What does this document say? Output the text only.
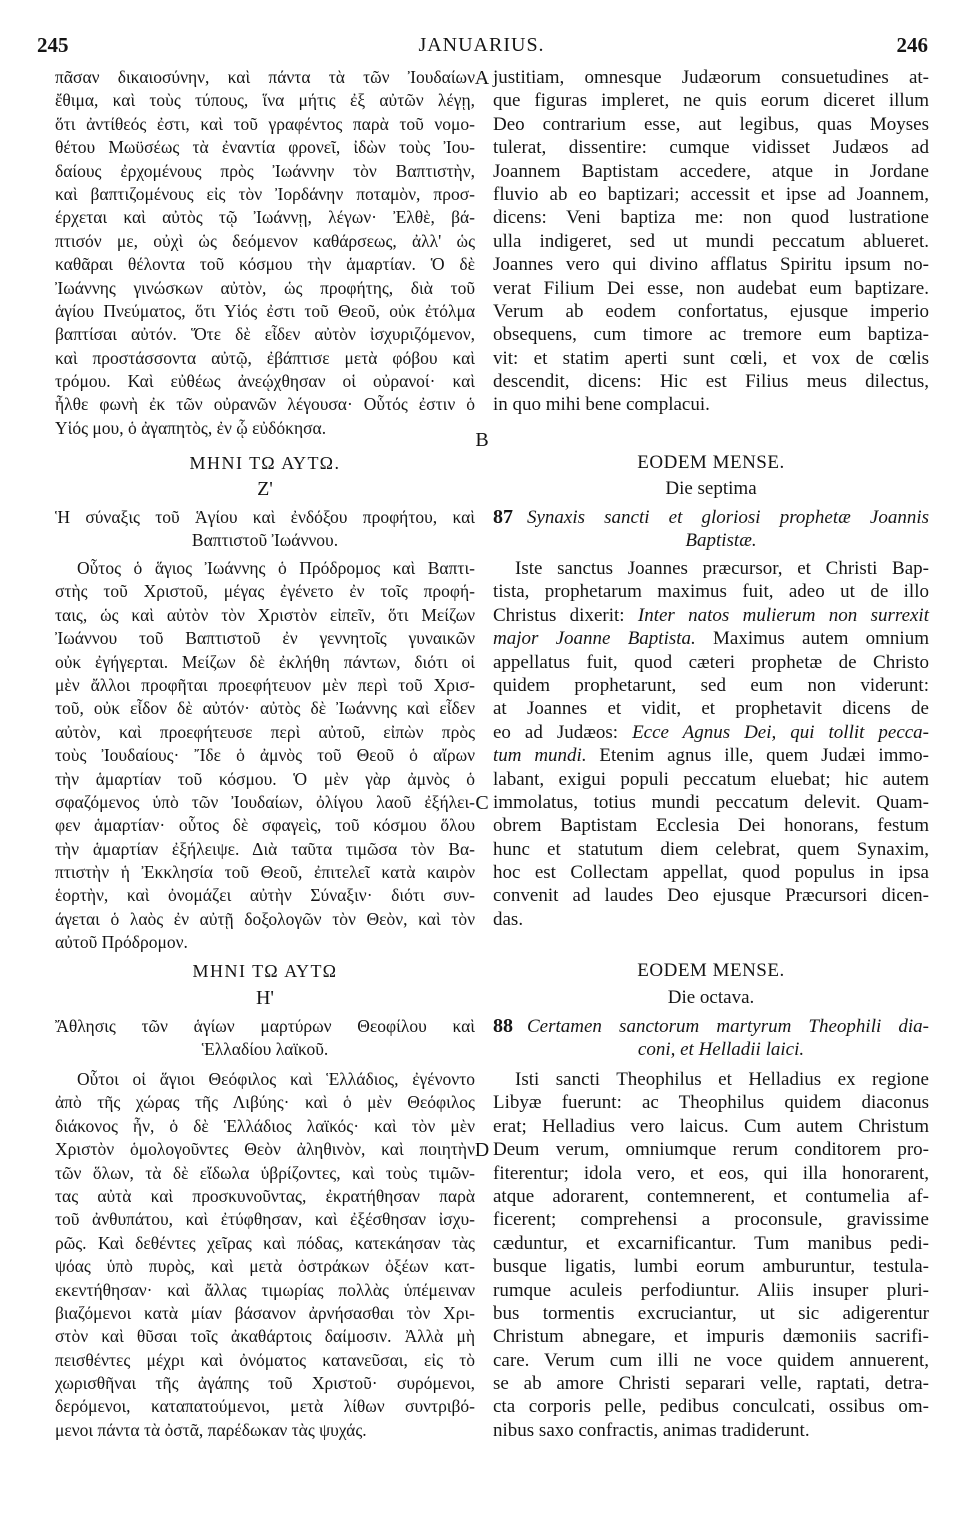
245	JANUARIUS.	246
A
B
C
D
πᾶσαν δικαιοσύνην, καὶ πάντα τὰ τῶν Ἰουδαίων
ἔθιμα, καὶ τοὺς τύπους, ἵνα μήτις ἐξ αὐτῶν λέγῃ,
ὅτι ἀντίθεός ἐστι, καὶ τοῦ γραφέντος παρὰ τοῦ νομο-
θέτου Μωϋσέως τὰ ἐναντία φρονεῖ, ἰδὼν τοὺς Ἰου-
δαίους ἐρχομένους πρὸς Ἰωάννην τὸν Βαπτιστὴν,
καὶ βαπτιζομένους εἰς τὸν Ἰορδάνην ποταμὸν, προσ-
έρχεται καὶ αὐτὸς τῷ Ἰωάννῃ, λέγων· Ἐλθὲ, βά-
πτισόν με, οὐχὶ ὡς δεόμενον καθάρσεως, ἀλλ' ὡς
καθᾶραι θέλοντα τοῦ κόσμου τὴν ἁμαρτίαν. Ὁ δὲ
Ἰωάννης γινώσκων αὐτὸν, ὡς προφήτης, διὰ τοῦ
ἁγίου Πνεύματος, ὅτι Υἱός ἐστι τοῦ Θεοῦ, οὐκ ἐτόλμα
βαπτίσαι αὐτόν. Ὅτε δὲ εἶδεν αὐτὸν ἰσχυριζόμενον,
καὶ προστάσσοντα αὐτῷ, ἐβάπτισε μετὰ φόβου καὶ
τρόμου. Καὶ εὐθέως ἀνεῴχθησαν οἱ οὐρανοί· καὶ
ἦλθε φωνὴ ἐκ τῶν οὐρανῶν λέγουσα· Οὗτός ἐστιν ὁ
Υἱός μου, ὁ ἀγαπητὸς, ἐν ᾧ εὐδόκησα.
justitiam, omnesque Judæorum consuetudines at-
que figuras impleret, ne quis eorum diceret illum
Deo contrarium esse, aut legibus, quas Moyses
tulerat, dissentire: cumque vidisset Judæos ad
Joannem Baptistam accedere, atque in Jordane
fluvio ab eo baptizari; accessit et ipse ad Joannem,
dicens: Veni baptiza me: non quod lustratione
ulla indigeret, sed ut mundi peccatum ablueret.
Joannes vero qui divino afflatus Spiritu ipsum no-
verat Filium Dei esse, non audebat eum baptizare.
Verum ab eodem confortatus, ejusque imperio
obsequens, cum timore ac tremore eum baptiza-
vit: et statim aperti sunt cœli, et vox de cœlis
descendit, dicens: Hic est Filius meus dilectus,
in quo mihi bene complacui.
ΜΗΝΙ ΤΩ ΑΥΤΩ.
Ζ'
Ἡ σύναξις τοῦ Ἁγίου καὶ ἐνδόξου προφήτου, καὶ
Βαπτιστοῦ Ἰωάννου.
Οὗτος ὁ ἅγιος Ἰωάννης ὁ Πρόδρομος καὶ Βαπτι-
στὴς τοῦ Χριστοῦ, μέγας ἐγένετο ἐν τοῖς προφή-
ταις, ὡς καὶ αὐτὸν τὸν Χριστὸν εἰπεῖν, ὅτι Μείζων
Ἰωάννου τοῦ Βαπτιστοῦ ἐν γεννητοῖς γυναικῶν
οὐκ ἐγήγερται. Μείζων δὲ ἐκλήθη πάντων, διότι οἱ
μὲν ἄλλοι προφῆται προεφήτευον μὲν περὶ τοῦ Χρισ-
τοῦ, οὐκ εἶδον δὲ αὐτόν· αὐτὸς δὲ Ἰωάννης καὶ εἶδεν
αὐτὸν, καὶ προεφήτευσε περὶ αὐτοῦ, εἰπὼν πρὸς
τοὺς Ἰουδαίους· Ἴδε ὁ ἀμνὸς τοῦ Θεοῦ ὁ αἴρων
τὴν ἁμαρτίαν τοῦ κόσμου. Ὁ μὲν γὰρ ἀμνὸς ὁ
σφαζόμενος ὑπὸ τῶν Ἰουδαίων, ὀλίγου λαοῦ ἐξήλει-
φεν ἁμαρτίαν· οὗτος δὲ σφαγεὶς, τοῦ κόσμου ὅλου
τὴν ἁμαρτίαν ἐξήλειψε. Διὰ ταῦτα τιμῶσα τὸν Βα-
πτιστὴν ἡ Ἐκκλησία τοῦ Θεοῦ, ἐπιτελεῖ κατὰ καιρὸν
ἑορτὴν, καὶ ὀνομάζει αὐτὴν Σύναξιν· διότι συν-
άγεται ὁ λαὸς ἐν αὐτῇ δοξολογῶν τὸν Θεὸν, καὶ τὸν
αὐτοῦ Πρόδρομον.
EODEM MENSE.
Die septima
87 Synaxis sancti et gloriosi prophetæ Joannis
Baptistæ.
Iste sanctus Joannes præcursor, et Christi Bap-
tista, prophetarum maximus fuit, adeo ut de illo
Christus dixerit: Inter natos mulierum non surrexit
major Joanne Baptista. Maximus autem omnium
appellatus fuit, quod cæteri prophetæ de Christo
quidem prophetarunt, sed eum non viderunt:
at Joannes et vidit, et prophetavit dicens de
eo ad Judæos: Ecce Agnus Dei, qui tollit pecca-
tum mundi. Etenim agnus ille, quem Judæi immo-
labant, exigui populi peccatum eluebat; hic autem
immolatus, totius mundi peccatum delevit. Quam-
obrem Baptistam Ecclesia Dei honorans, festum
hunc et statutum diem celebrat, quem Synaxim,
hoc est Collectam appellat, quod populus in ipsa
convenit ad laudes Deo ejusque Præcursori dicen-
das.
ΜΗΝΙ ΤΩ ΑΥΤΩ
Η'
Ἄθλησις τῶν ἁγίων μαρτύρων Θεοφίλου καὶ
Ἑλλαδίου λαϊκοῦ.
Οὗτοι οἱ ἅγιοι Θεόφιλος καὶ Ἑλλάδιος, ἐγένοντο
ἀπὸ τῆς χώρας τῆς Λιβύης· καὶ ὁ μὲν Θεόφιλος
διάκονος ἦν, ὁ δὲ Ἑλλάδιος λαϊκός· καὶ τὸν μὲν
Χριστὸν ὁμολογοῦντες Θεὸν ἀληθινὸν, καὶ ποιητὴν
τῶν ὅλων, τὰ δὲ εἴδωλα ὑβρίζοντες, καὶ τοὺς τιμῶν-
τας αὐτὰ καὶ προσκυνοῦντας, ἐκρατήθησαν παρὰ
τοῦ ἀνθυπάτου, καὶ ἐτύφθησαν, καὶ ἐξέσθησαν ἰσχυ-
ρῶς. Καὶ δεθέντες χεῖρας καὶ πόδας, κατεκάησαν τὰς
ψόας ὑπὸ πυρὸς, καὶ μετὰ ὀστράκων ὀξέων κατ-
εκεντήθησαν· καὶ ἄλλας τιμωρίας πολλὰς ὑπέμειναν
βιαζόμενοι κατὰ μίαν βάσανον ἀρνήσασθαι τὸν Χρι-
στὸν καὶ θῦσαι τοῖς ἀκαθάρτοις δαίμοσιν. Ἀλλὰ μὴ
πεισθέντες μέχρι καὶ ὀνόματος κατανεῦσαι, εἰς τὸ
χωρισθῆναι τῆς ἀγάπης τοῦ Χριστοῦ· συρόμενοι,
δερόμενοι, καταπατούμενοι, μετὰ λίθων συντριβό-
μενοι πάντα τὰ ὀστᾶ, παρέδωκαν τὰς ψυχάς.
EODEM MENSE.
Die octava.
88 Certamen sanctorum martyrum Theophili dia-
coni, et Helladii laici.
Isti sancti Theophilus et Helladius ex regione
Libyæ fuerunt: ac Theophilus quidem diaconus
erat; Helladius vero laicus. Cum autem Christum
Deum verum, omniumque rerum conditorem pro-
fiterentur; idola vero, et eos, qui illa honorarent,
atque adorarent, contemnerent, et contumelia af-
ficerent; comprehensi a proconsule, gravissime
cæduntur, et excarnificantur. Tum manibus pedi-
busque ligatis, lumbi eorum amburuntur, testula-
rumque aculeis perfodiuntur. Aliis insuper pluri-
bus tormentis excruciantur, ut sic adigerentur
Christum abnegare, et impuris dæmoniis sacrifi-
care. Verum cum illi ne voce quidem annuerent,
se ab amore Christi separari velle, raptati, detra-
cta corporis pelle, pedibus conculcati, ossibus om-
nibus saxo confractis, animas tradiderunt.
